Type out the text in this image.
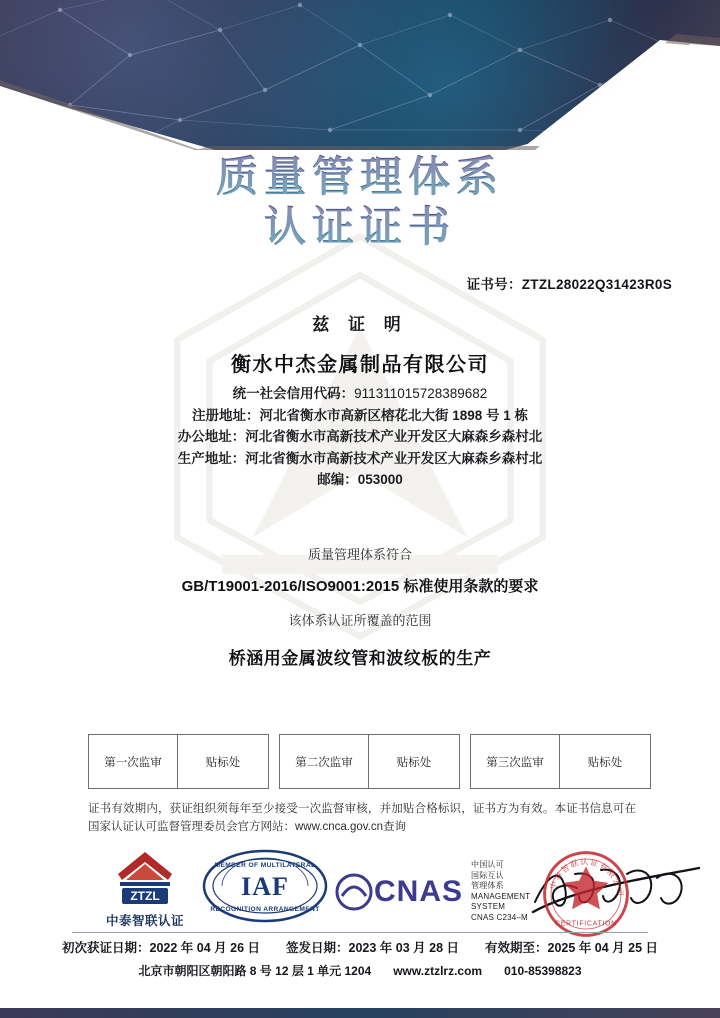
质量管理体系
认证证书
证书号：ZTZL28022Q31423R0S
兹 证 明
衡水中杰金属制品有限公司
统一社会信用代码：911311015728389682
注册地址：河北省衡水市高新区榕花北大街 1898 号 1 栋
办公地址：河北省衡水市高新技术产业开发区大麻森乡森村北
生产地址：河北省衡水市高新技术产业开发区大麻森乡森村北
邮编：053000
质量管理体系符合
GB/T19001-2016/ISO9001:2015 标准使用条款的要求
该体系认证所覆盖的范围
桥涵用金属波纹管和波纹板的生产
第一次监审	贴标处	第二次监审	贴标处	第三次监审	贴标处
证书有效期内，获证组织须每年至少接受一次监督审核，并加贴合格标识，证书方为有效。本证书信息可在国家认证认可监督管理委员会官方网站：www.cnca.gov.cn查询
ZTZL
中泰智联认证
IAF
MEMBER OF MULTILATERAL
RECOGNITION ARRANGEMENT
CNAS
中国认可
国际互认
管理体系
MANAGEMENT SYSTEM
CNAS C234–M
中泰智联认证有限公司
CERTIFICATION
初次获证日期：2022 年 04 月 26 日 签发日期：2023 年 03 月 28 日 有效期至：2025 年 04 月 25 日
北京市朝阳区朝阳路 8 号 12 层 1 单元 1204 www.ztzlrz.com 010-85398823
